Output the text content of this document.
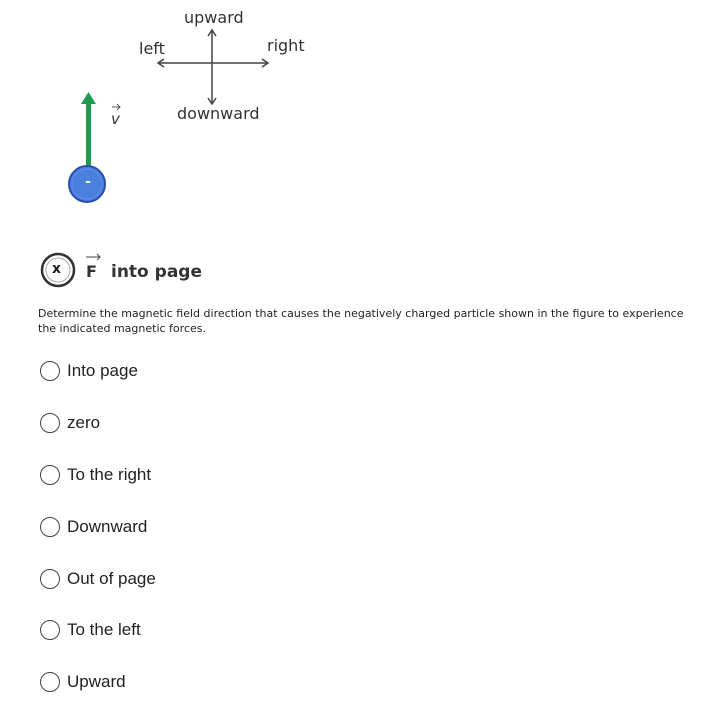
upward
left	right
downward
v
-
x F into page
Determine the magnetic field direction that causes the negatively charged particle shown in the figure to experience the indicated magnetic forces.
Into page
zero
To the right
Downward
Out of page
To the left
Upward
